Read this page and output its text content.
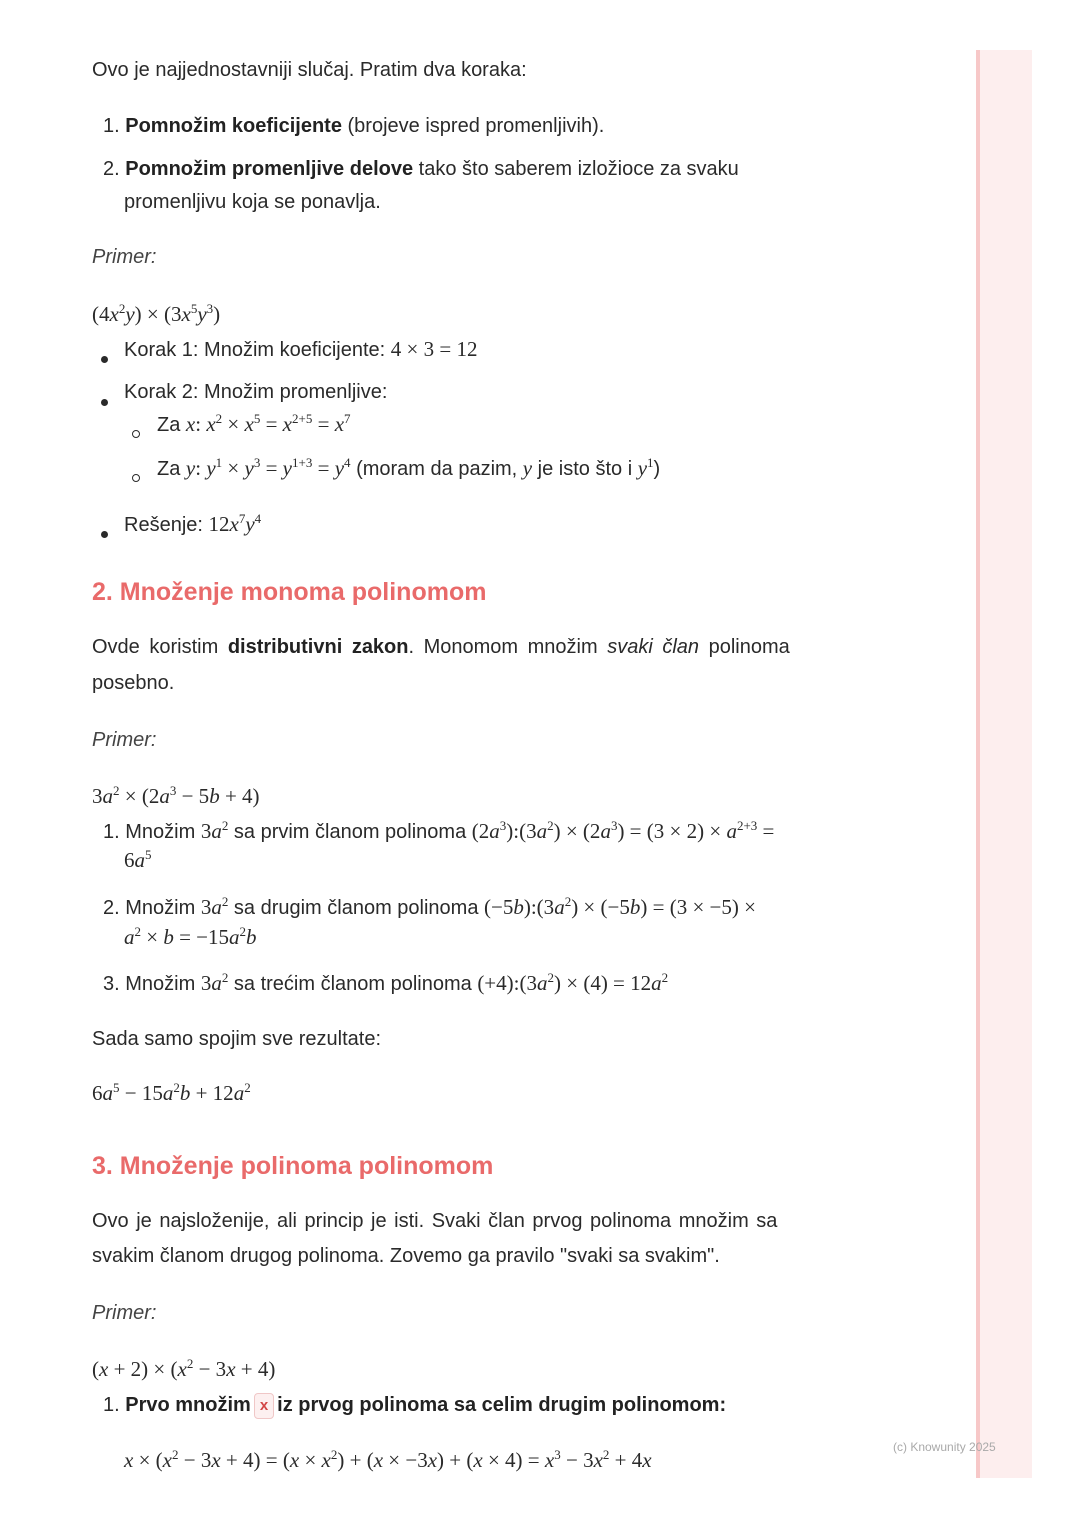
Ovo je najjednostavniji slučaj. Pratim dva koraka:
1. Pomnožim koeficijente (brojeve ispred promenljivih).
2. Pomnožim promenljive delove tako što saberem izložioce za svaku
promenljivu koja se ponavlja.
Primer:
$(4x^2y) \times (3x^5y^3)$
Korak 1: Množim koeficijente: 4 × 3 = 12
Korak 2: Množim promenljive:
Za x: $x^2 \times x^5 = x^{2+5} = x^7$
Za y: $y^1 \times y^3 = y^{1+3} = y^4$ (moram da pazim, y je isto što i $y^1$)
Rešenje: $12x^7y^4$
2. Množenje monoma polinomom
Ovde koristim distributivni zakon. Monomom množim svaki član polinoma
posebno.
Primer:
$3a^2 \times (2a^3 - 5b + 4)$
1. Množim $3a^2$ sa prvim članom polinoma $(2a^3):(3a^2) \times (2a^3) = (3 \times 2) \times a^{2+3}$ =
$6a^5$
2. Množim $3a^2$ sa drugim članom polinoma $(-5b):(3a^2) \times (-5b) = (3 \times -5)$ ×
$a^2 \times b = -15a^2b$
3. Množim $3a^2$ sa trećim članom polinoma $(+4):(3a^2) \times (4) = 12a^2$
Sada samo spojim sve rezultate:
$6a^5 - 15a^2b + 12a^2$
3. Množenje polinoma polinomom
Ovo je najsloženije, ali princip je isti. Svaki član prvog polinoma množim sa
svakim članom drugog polinoma. Zovemo ga pravilo "svaki sa svakim".
Primer:
$(x + 2) \times (x^2 - 3x + 4)$
1. Prvo množim x iz prvog polinoma sa celim drugim polinomom:
$x \times (x^2 - 3x + 4) = (x \times x^2) + (x \times -3x) + (x \times 4) = x^3 - 3x^2 + 4x$
(c) Knowunity 2025
